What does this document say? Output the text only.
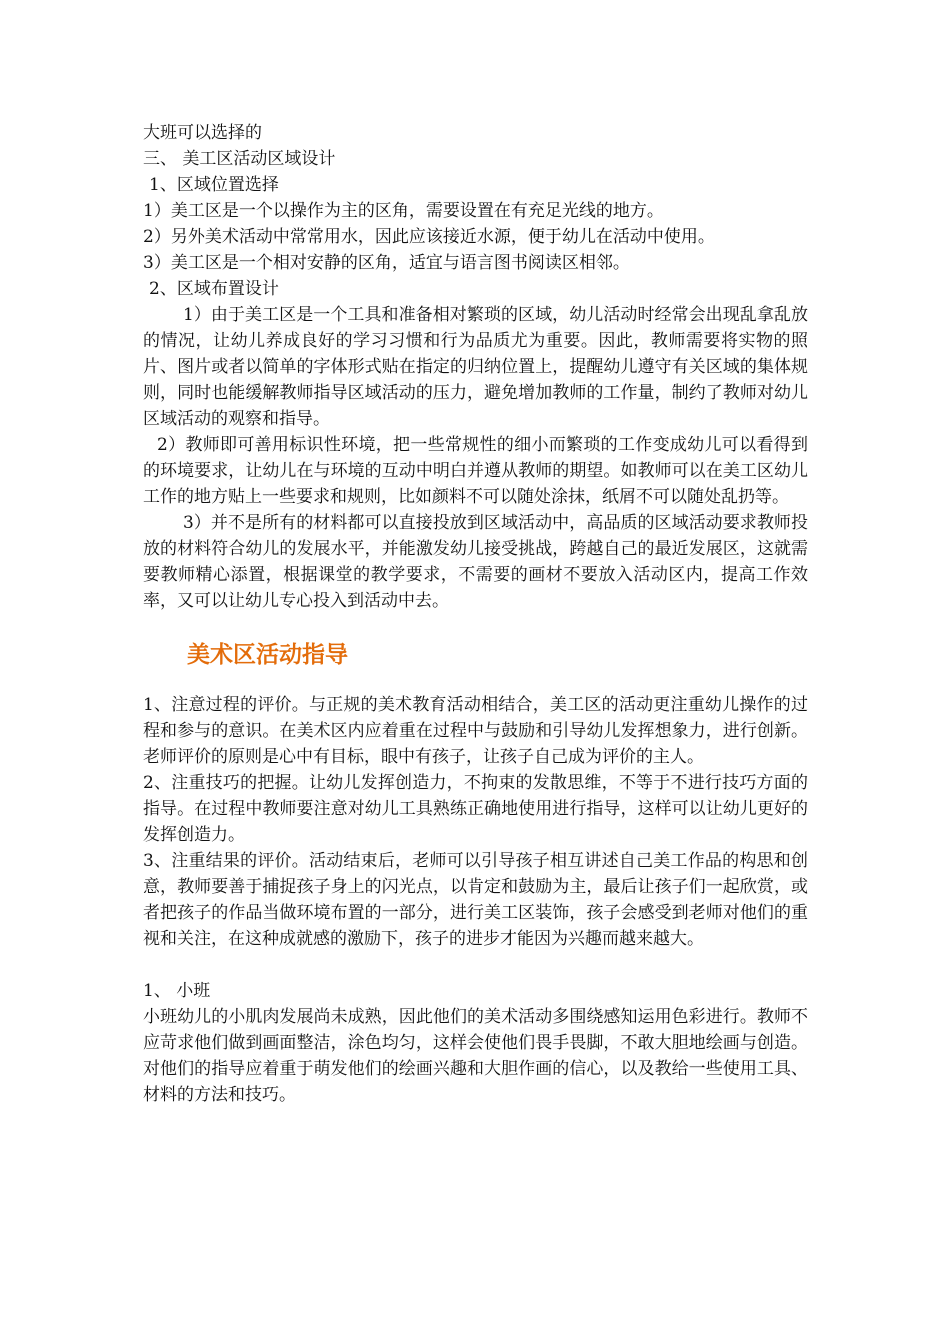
大班可以选择的

三、 美工区活动区域设计

1、区域位置选择

1）美工区是一个以操作为主的区角，需要设置在有充足光线的地方。

2）另外美术活动中常常用水，因此应该接近水源，便于幼儿在活动中使用。

3）美工区是一个相对安静的区角，适宜与语言图书阅读区相邻。

2、区域布置设计

1）由于美工区是一个工具和准备相对繁琐的区域，幼儿活动时经常会出现乱拿乱放的情况，让幼儿养成良好的学习习惯和行为品质尤为重要。因此，教师需要将实物的照片、图片或者以简单的字体形式贴在指定的归纳位置上，提醒幼儿遵守有关区域的集体规则，同时也能缓解教师指导区域活动的压力，避免增加教师的工作量，制约了教师对幼儿区域活动的观察和指导。

2）教师即可善用标识性环境，把一些常规性的细小而繁琐的工作变成幼儿可以看得到的环境要求，让幼儿在与环境的互动中明白并遵从教师的期望。如教师可以在美工区幼儿工作的地方贴上一些要求和规则，比如颜料不可以随处涂抹，纸屑不可以随处乱扔等。

3）并不是所有的材料都可以直接投放到区域活动中，高品质的区域活动要求教师投放的材料符合幼儿的发展水平，并能激发幼儿接受挑战，跨越自己的最近发展区，这就需要教师精心添置，根据课堂的教学要求，不需要的画材不要放入活动区内，提高工作效率，又可以让幼儿专心投入到活动中去。

美术区活动指导

1、注意过程的评价。与正规的美术教育活动相结合，美工区的活动更注重幼儿操作的过程和参与的意识。在美术区内应着重在过程中与鼓励和引导幼儿发挥想象力，进行创新。老师评价的原则是心中有目标，眼中有孩子，让孩子自己成为评价的主人。

2、注重技巧的把握。让幼儿发挥创造力，不拘束的发散思维，不等于不进行技巧方面的指导。在过程中教师要注意对幼儿工具熟练正确地使用进行指导，这样可以让幼儿更好的发挥创造力。

3、注重结果的评价。活动结束后，老师可以引导孩子相互讲述自己美工作品的构思和创意，教师要善于捕捉孩子身上的闪光点，以肯定和鼓励为主，最后让孩子们一起欣赏，或者把孩子的作品当做环境布置的一部分，进行美工区装饰，孩子会感受到老师对他们的重视和关注，在这种成就感的激励下，孩子的进步才能因为兴趣而越来越大。

1、 小班

小班幼儿的小肌肉发展尚未成熟，因此他们的美术活动多围绕感知运用色彩进行。教师不应苛求他们做到画面整洁，涂色均匀，这样会使他们畏手畏脚，不敢大胆地绘画与创造。对他们的指导应着重于萌发他们的绘画兴趣和大胆作画的信心，以及教给一些使用工具、材料的方法和技巧。
